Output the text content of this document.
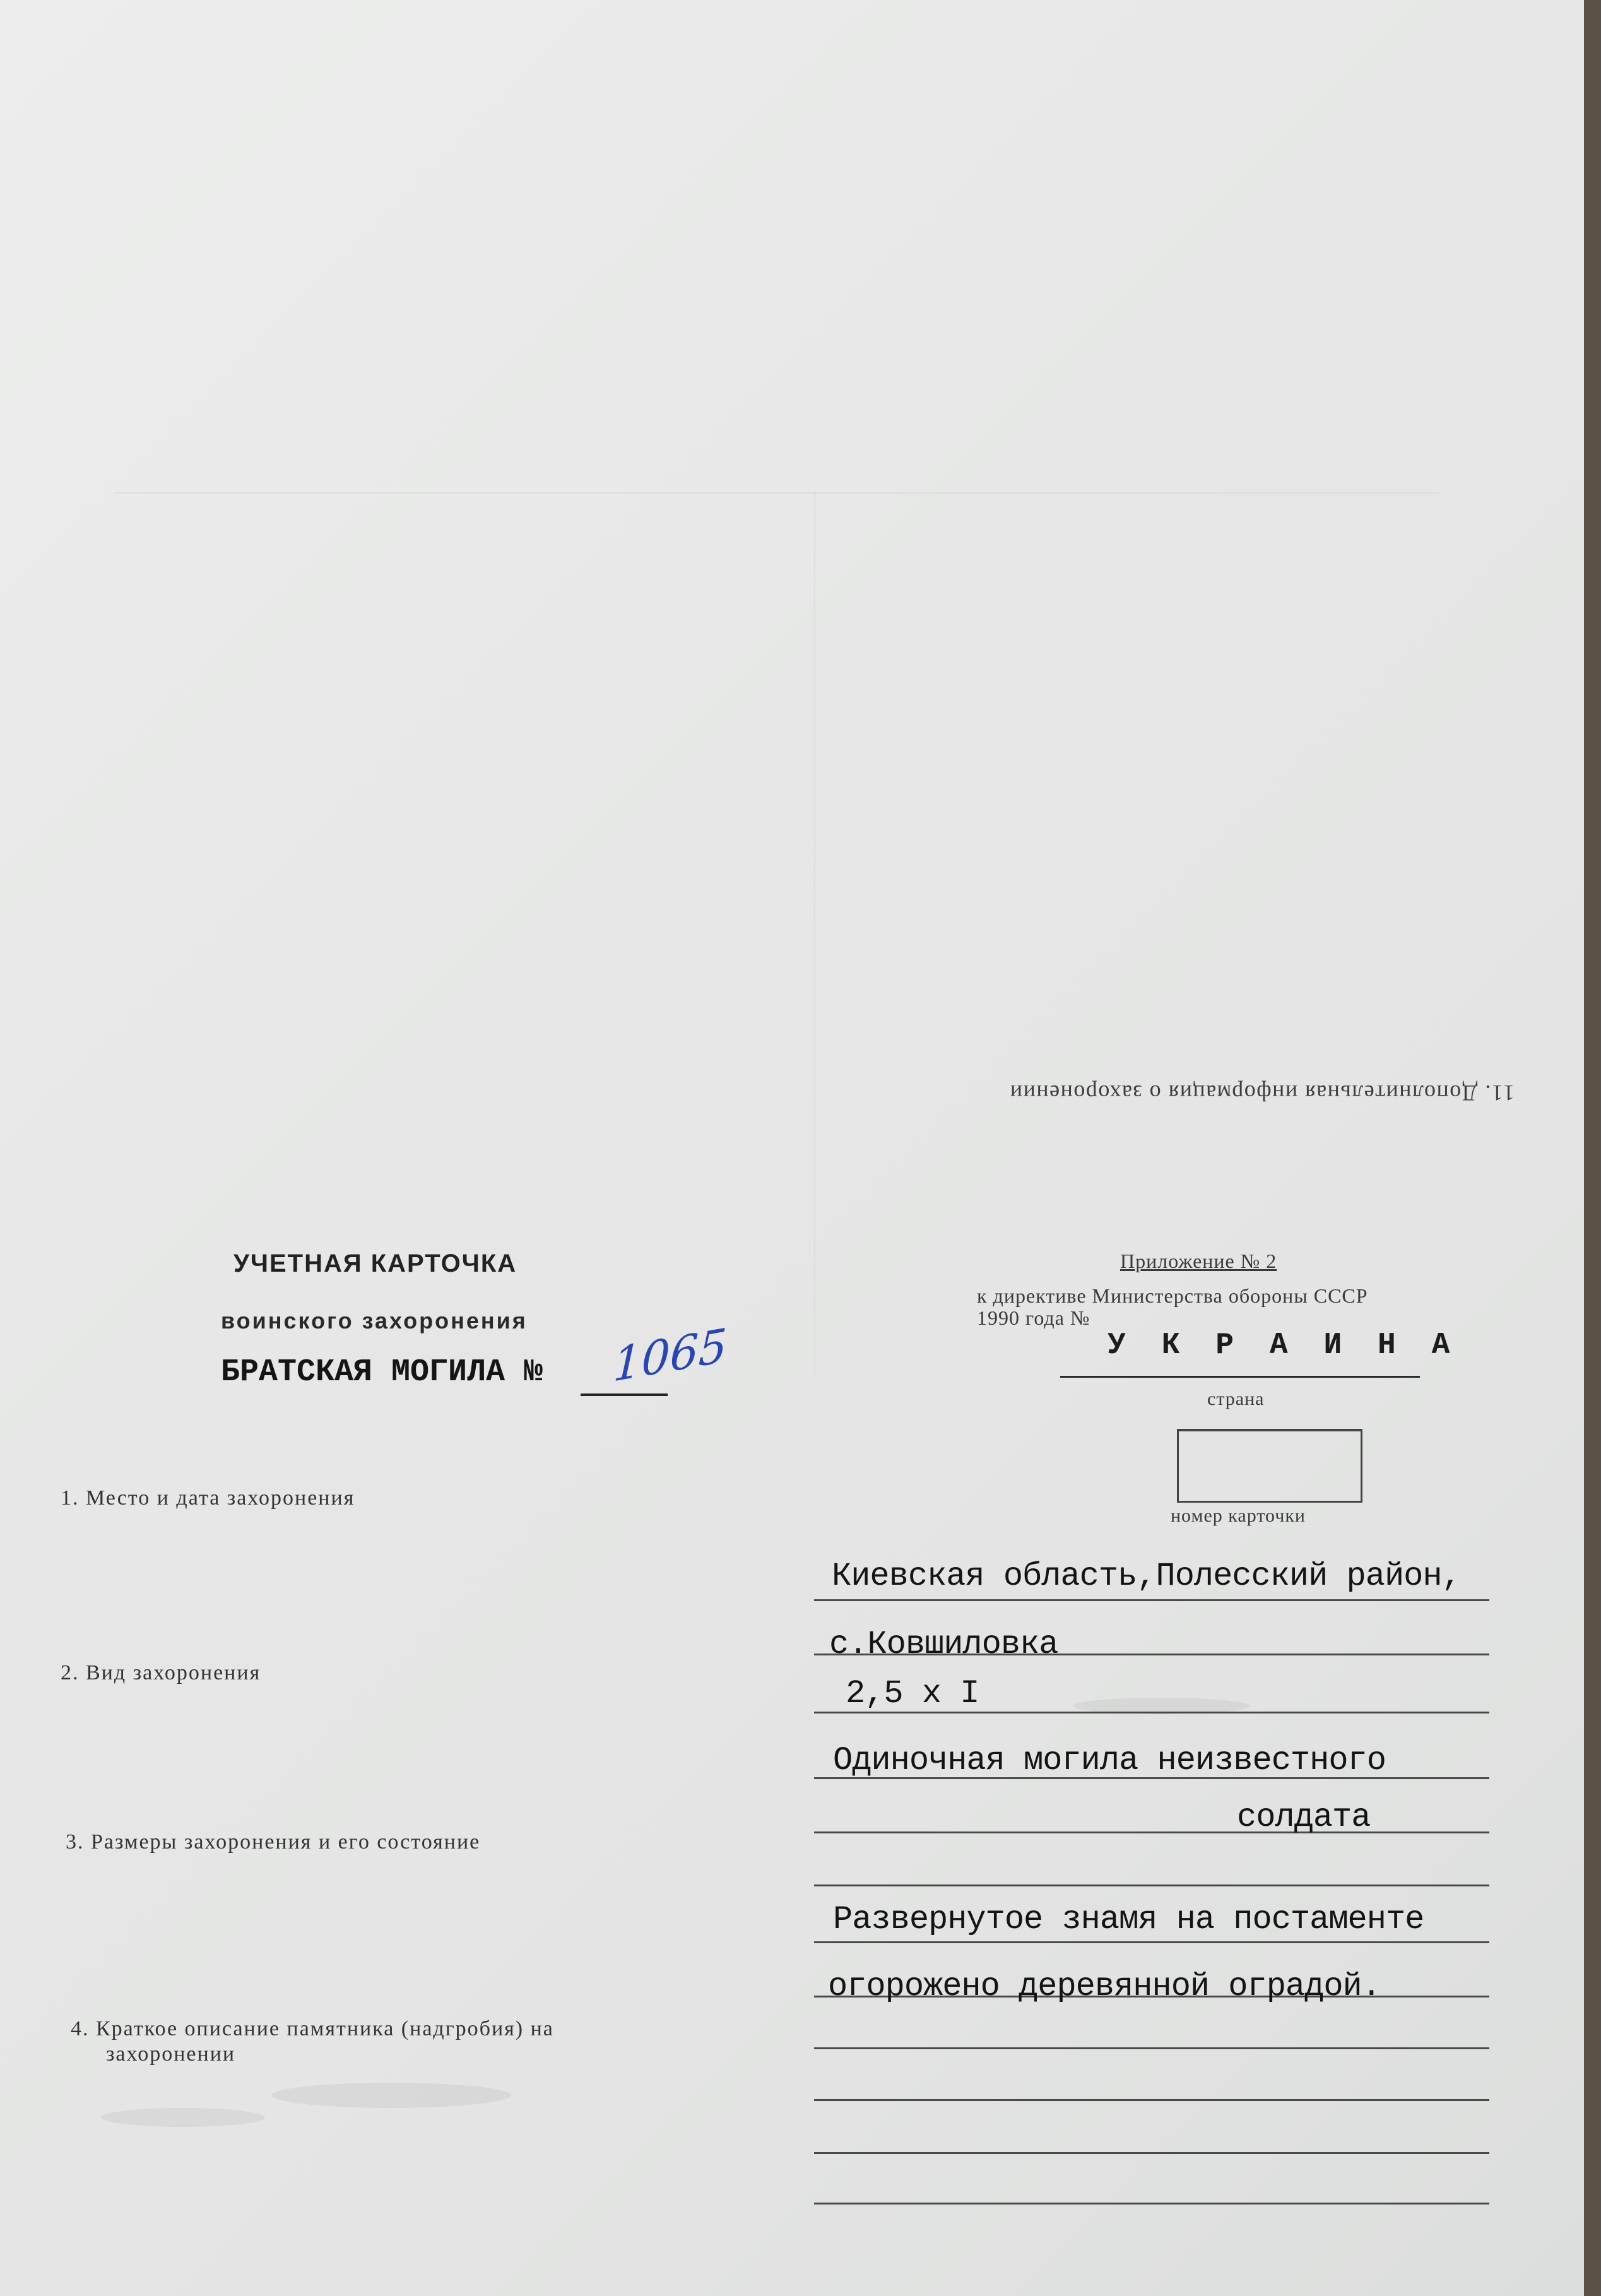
11. Дополнительная информация о захоронении
УЧЕТНАЯ КАРТОЧКА
воинского захоронения
БРАТСКАЯ МОГИЛА № 1065
Приложение № 2
к директиве Министерства обороны СССР
1990 года №
У К Р А И Н А
страна
номер карточки
1. Место и дата захоронения
2. Вид захоронения
3. Размеры захоронения и его состояние
4. Краткое описание памятника (надгробия) на
захоронении
Киевская область,Полесский район,
с.Ковшиловка
2,5 х I
Одиночная могила неизвестного
солдата
Развернутое знамя на постаменте
огорожено деревянной оградой.
